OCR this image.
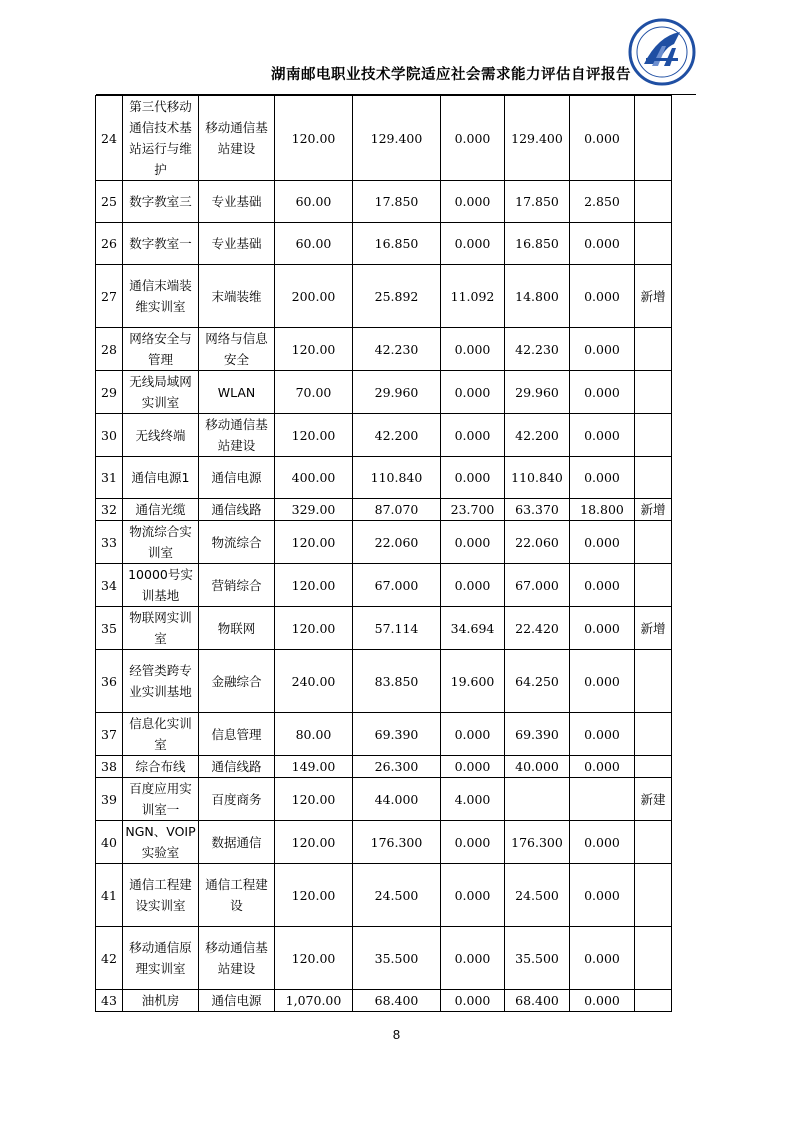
湖南邮电职业技术学院适应社会需求能力评估自评报告
24	第三代移动通信技术基站运行与维护	移动通信基站建设	120.00	129.400	0.000	129.400	0.000	
25	数字教室三	专业基础	60.00	17.850	0.000	17.850	2.850	
26	数字教室一	专业基础	60.00	16.850	0.000	16.850	0.000	
27	通信末端装维实训室	末端装维	200.00	25.892	11.092	14.800	0.000	新增
28	网络安全与管理	网络与信息安全	120.00	42.230	0.000	42.230	0.000	
29	无线局域网实训室	WLAN	70.00	29.960	0.000	29.960	0.000	
30	无线终端	移动通信基站建设	120.00	42.200	0.000	42.200	0.000	
31	通信电源1	通信电源	400.00	110.840	0.000	110.840	0.000	
32	通信光缆	通信线路	329.00	87.070	23.700	63.370	18.800	新增
33	物流综合实训室	物流综合	120.00	22.060	0.000	22.060	0.000	
34	10000号实训基地	营销综合	120.00	67.000	0.000	67.000	0.000	
35	物联网实训室	物联网	120.00	57.114	34.694	22.420	0.000	新增
36	经管类跨专业实训基地	金融综合	240.00	83.850	19.600	64.250	0.000	
37	信息化实训室	信息管理	80.00	69.390	0.000	69.390	0.000	
38	综合布线	通信线路	149.00	26.300	0.000	40.000	0.000	
39	百度应用实训室一	百度商务	120.00	44.000	4.000			新建
40	NGN、VOIP实验室	数据通信	120.00	176.300	0.000	176.300	0.000	
41	通信工程建设实训室	通信工程建设	120.00	24.500	0.000	24.500	0.000	
42	移动通信原理实训室	移动通信基站建设	120.00	35.500	0.000	35.500	0.000	
43	油机房	通信电源	1,070.00	68.400	0.000	68.400	0.000	
8
